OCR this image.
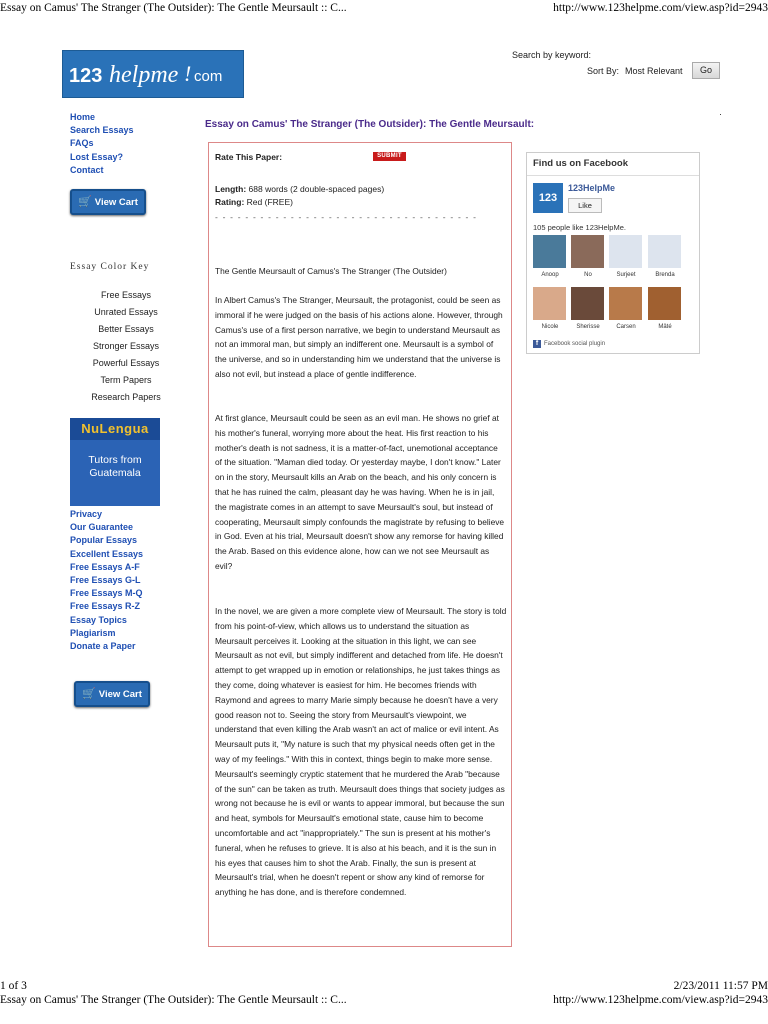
Essay on Camus' The Stranger (The Outsider): The Gentle Meursault :: C...	http://www.123helpme.com/view.asp?id=2943
123 helpme ! com
Search by keyword:
Sort By: Most Relevant	Go
·
Home
Search Essays
FAQs
Lost Essay?
Contact
🛒 View Cart
Essay Color Key
Free Essays
Unrated Essays
Better Essays
Stronger Essays
Powerful Essays
Term Papers
Research Papers
NuLengua
Tutors from
Guatemala
Privacy
Our Guarantee
Popular Essays
Excellent Essays
Free Essays A-F
Free Essays G-L
Free Essays M-Q
Free Essays R-Z
Essay Topics
Plagiarism
Donate a Paper
🛒 View Cart
Essay on Camus' The Stranger (The Outsider): The Gentle Meursault:
Rate This Paper:	SUBMIT
Length: 688 words (2 double-spaced pages)
Rating: Red (FREE)
- - - - - - - - - - - - - - - - - - - - - - - - - - - - - - - - - - -
The Gentle Meursault of Camus's The Stranger (The Outsider)
In Albert Camus's The Stranger, Meursault, the protagonist, could be seen as immoral if he were judged on the basis of his actions alone. However, through Camus's use of a first person narrative, we begin to understand Meursault as not an immoral man, but simply an indifferent one. Meursault is a symbol of the universe, and so in understanding him we understand that the universe is also not evil, but instead a place of gentle indifference.
At first glance, Meursault could be seen as an evil man. He shows no grief at his mother's funeral, worrying more about the heat. His first reaction to his mother's death is not sadness, it is a matter-of-fact, unemotional acceptance of the situation. "Maman died today. Or yesterday maybe, I don't know." Later on in the story, Meursault kills an Arab on the beach, and his only concern is that he has ruined the calm, pleasant day he was having. When he is in jail, the magistrate comes in an attempt to save Meursault's soul, but instead of cooperating, Meursault simply confounds the magistrate by refusing to believe in God. Even at his trial, Meursault doesn't show any remorse for having killed the Arab. Based on this evidence alone, how can we not see Meursault as evil?
In the novel, we are given a more complete view of Meursault. The story is told from his point-of-view, which allows us to understand the situation as Meursault perceives it. Looking at the situation in this light, we can see Meursault as not evil, but simply indifferent and detached from life. He doesn't attempt to get wrapped up in emotion or relationships, he just takes things as they come, doing whatever is easiest for him. He becomes friends with Raymond and agrees to marry Marie simply because he doesn't have a very good reason not to. Seeing the story from Meursault's viewpoint, we understand that even killing the Arab wasn't an act of malice or evil intent. As Meursault puts it, "My nature is such that my physical needs often get in the way of my feelings." With this in context, things begin to make more sense. Meursault's seemingly cryptic statement that he murdered the Arab "because of the sun" can be taken as truth. Meursault does things that society judges as wrong not because he is evil or wants to appear immoral, but because the sun and heat, symbols for Meursault's emotional state, cause him to become uncomfortable and act "inappropriately." The sun is present at his mother's funeral, when he refuses to grieve. It is also at his beach, and it is the sun in his eyes that causes him to shot the Arab. Finally, the sun is present at Meursault's trial, when he doesn't repent or show any kind of remorse for anything he has done, and is therefore condemned.
Find us on Facebook
123
123HelpMe
Like
105 people like 123HelpMe.
Anoop	No	Surjeet	Brenda
Nicole	Sherisse	Carsen	Mâté
f Facebook social plugin
1 of 3	2/23/2011 11:57 PM
Essay on Camus' The Stranger (The Outsider): The Gentle Meursault :: C...	http://www.123helpme.com/view.asp?id=2943
